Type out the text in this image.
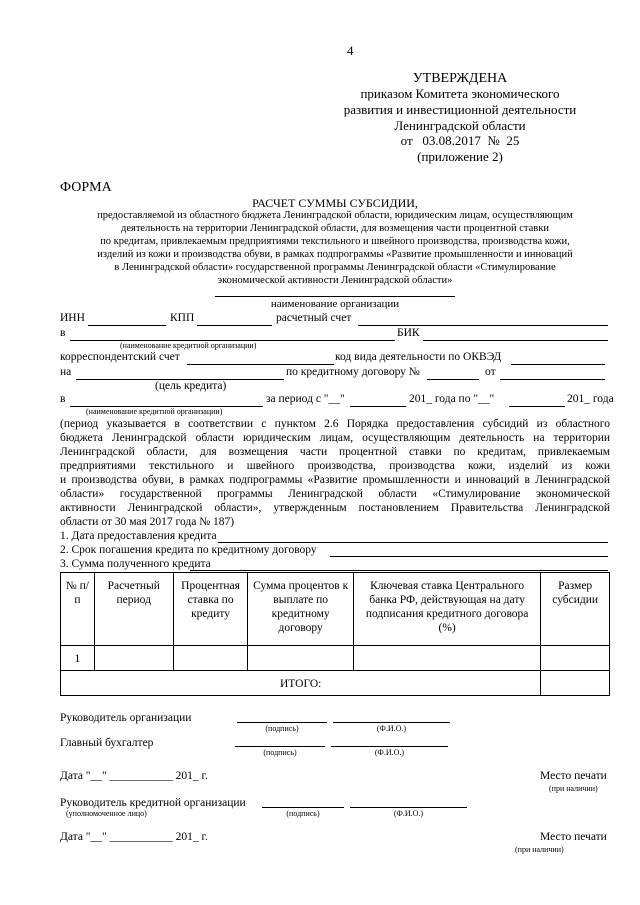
4
УТВЕРЖДЕНА
приказом Комитета экономического
развития и инвестиционной деятельности
Ленинградской области
от   03.08.2017  №  25
(приложение 2)
ФОРМА
РАСЧЕТ СУММЫ СУБСИДИИ,
предоставляемой из областного бюджета Ленинградской области, юридическим лицам, осуществляющим
деятельность на территории Ленинградской области, для возмещения части процентной ставки
по кредитам, привлекаемым предприятиями текстильного и швейного производства, производства кожи,
изделий из кожи и производства обуви, в рамках подпрограммы «Развитие промышленности и инноваций
в Ленинградской области» государственной программы Ленинградской области «Стимулирование
экономической активности Ленинградской области»
наименование организации
ИНН	КПП	расчетный счет
в	БИК
(наименование кредитной организации)
корреспондентский счет	код вида деятельности по ОКВЭД
на	по кредитному договору №	от
(цель кредита)
в	за период с "__"	201_ года по "__"	201_ года
(наименование кредитной организации)
(период указывается в соответствии с пунктом 2.6 Порядка предоставления субсидий из областного
бюджета Ленинградской области юридическим лицам, осуществляющим деятельность на территории
Ленинградской области, для возмещения части процентной ставки по кредитам, привлекаемым
предприятиями текстильного и швейного производства, производства кожи, изделий из кожи
и производства обуви, в рамках подпрограммы «Развитие промышленности и инноваций в Ленинградской
области» государственной программы Ленинградской области «Стимулирование экономической
активности Ленинградской области», утвержденным постановлением Правительства Ленинградской
области от 30 мая 2017 года № 187)
1. Дата предоставления кредита
2. Срок погашения кредита по кредитному договору
3. Сумма полученного кредита
№ п/п	Расчетный период	Процентная ставка по кредиту	Сумма процентов к выплате по кредитному договору	Ключевая ставка Центрального банка РФ, действующая на дату подписания кредитного договора (%)	Размер субсидии
1					
ИТОГО:					
Руководитель организации
(подпись)	(Ф.И.О.)
Главный бухгалтер
(подпись)	(Ф.И.О.)
Дата "__" ___________ 201_ г.	Место печати
(при наличии)
Руководитель кредитной организации
(уполномоченное лицо)	(подпись)	(Ф.И.О.)
Дата "__" ___________ 201_ г.	Место печати
(при наличии)
